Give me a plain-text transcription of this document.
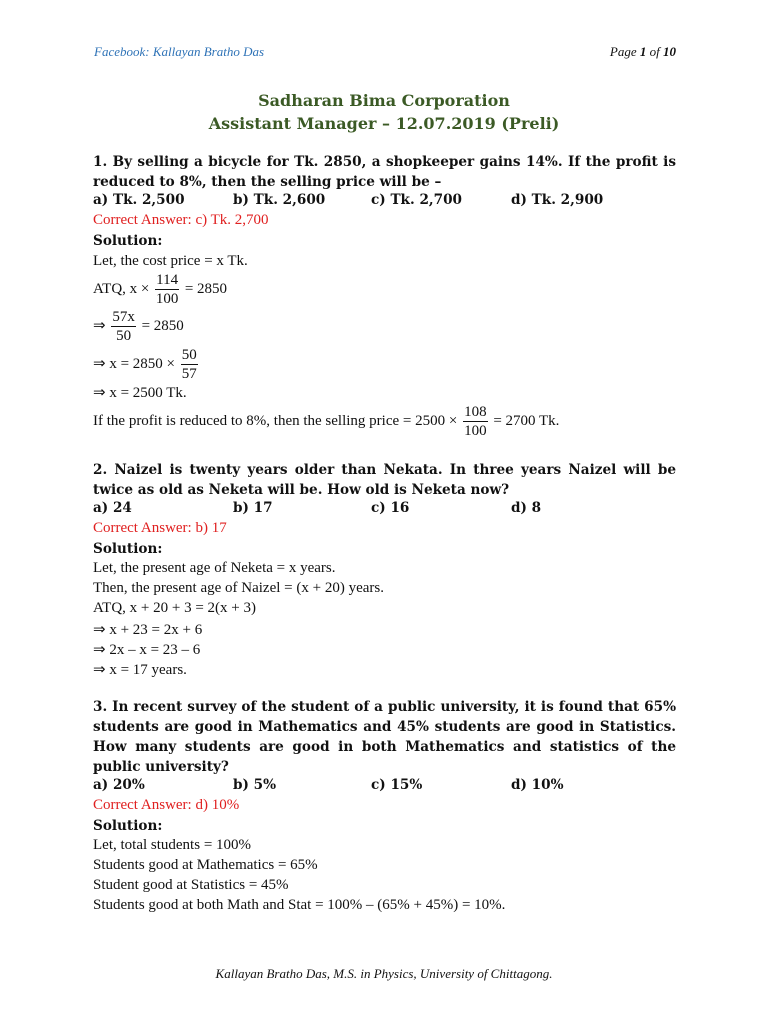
Facebook: Kallayan Bratho Das	Page 1 of 10
Sadharan Bima Corporation
Assistant Manager – 12.07.2019 (Preli)
1. By selling a bicycle for Tk. 2850, a shopkeeper gains 14%. If the profit is reduced to 8%, then the selling price will be –
a) Tk. 2,500	b) Tk. 2,600	c) Tk. 2,700	d) Tk. 2,900
Correct Answer: c) Tk. 2,700
Solution:
Let, the cost price = x Tk.
ATQ, $x \times \frac{114}{100} = 2850$
⇒ $\frac{57x}{50} = 2850$
⇒ $x = 2850 \times \frac{50}{57}$
⇒ x = 2500 Tk.
If the profit is reduced to 8%, then the selling price = $2500 \times \frac{108}{100} = 2700$ Tk.
2. Naizel is twenty years older than Nekata. In three years Naizel will be twice as old as Neketa will be. How old is Neketa now?
a) 24	b) 17	c) 16	d) 8
Correct Answer: b) 17
Solution:
Let, the present age of Neketa = x years.
Then, the present age of Naizel = (x + 20) years.
ATQ, x + 20 + 3 = 2(x + 3)
⇒ x + 23 = 2x + 6
⇒ 2x – x = 23 – 6
⇒ x = 17 years.
3. In recent survey of the student of a public university, it is found that 65% students are good in Mathematics and 45% students are good in Statistics. How many students are good in both Mathematics and statistics of the public university?
a) 20%	b) 5%	c) 15%	d) 10%
Correct Answer: d) 10%
Solution:
Let, total students = 100%
Students good at Mathematics = 65%
Student good at Statistics = 45%
Students good at both Math and Stat = 100% – (65% + 45%) = 10%.
Kallayan Bratho Das, M.S. in Physics, University of Chittagong.
